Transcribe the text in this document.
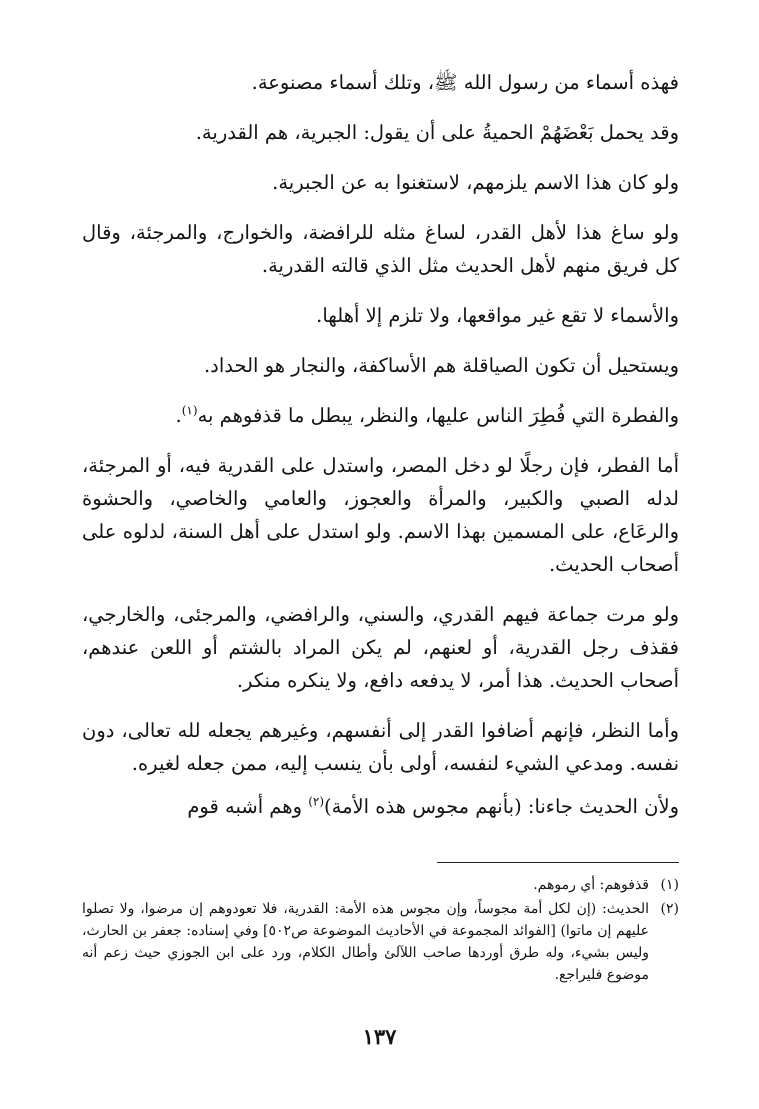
فهذه أسماء من رسول الله ﷺ، وتلك أسماء مصنوعة.

وقد يحمل بَعْضَهُمْ الحميةُ على أن يقول: الجبرية، هم القدرية.

ولو كان هذا الاسم يلزمهم، لاستغنوا به عن الجبرية.

ولو ساغ هذا لأهل القدر، لساغ مثله للرافضة، والخوارج، والمرجئة، وقال كل فريق منهم لأهل الحديث مثل الذي قالته القدرية.

والأسماء لا تقع غير مواقعها، ولا تلزم إلا أهلها.

ويستحيل أن تكون الصياقلة هم الأساكفة، والنجار هو الحداد.

والفطرة التي فُطِرَ الناس عليها، والنظر، يبطل ما قذفوهم به$^{(١)}$.

أما الفطر، فإن رجلًا لو دخل المصر، واستدل على القدرية فيه، أو المرجئة، لدله الصبي والكبير، والمرأة والعجوز، والعامي والخاصي، والحشوة والرعَاع، على المسمين بهذا الاسم. ولو استدل على أهل السنة، لدلوه على أصحاب الحديث.

ولو مرت جماعة فيهم القدري، والسني، والرافضي، والمرجئى، والخارجي، فقذف رجل القدرية، أو لعنهم، لم يكن المراد بالشتم أو اللعن عندهم، أصحاب الحديث. هذا أمر، لا يدفعه دافع، ولا ينكره منكر.

وأما النظر، فإنهم أضافوا القدر إلى أنفسهم، وغيرهم يجعله لله تعالى، دون نفسه. ومدعي الشيء لنفسه، أولى بأن ينسب إليه، ممن جعله لغيره.

ولأن الحديث جاءنا: (بأنهم مجوس هذه الأمة)$^{(٢)}$ وهم أشبه قوم

(١)
قذفوهم: أي رموهم.
(٢)
الحديث: (إن لكل أمة مجوساً، وإن مجوس هذه الأمة: القدرية، فلا تعودوهم إن مرضوا، ولا تصلوا عليهم إن ماتوا) [الفوائد المجموعة في الأحاديث الموضوعة ص٥٠٢] وفي إسناده: جعفر بن الحارث، وليس بشيء، وله طرق أوردها صاحب اللآلئ وأطال الكلام، ورد على ابن الجوزي حيث زعم أنه موضوع فليراجع.
١٣٧
